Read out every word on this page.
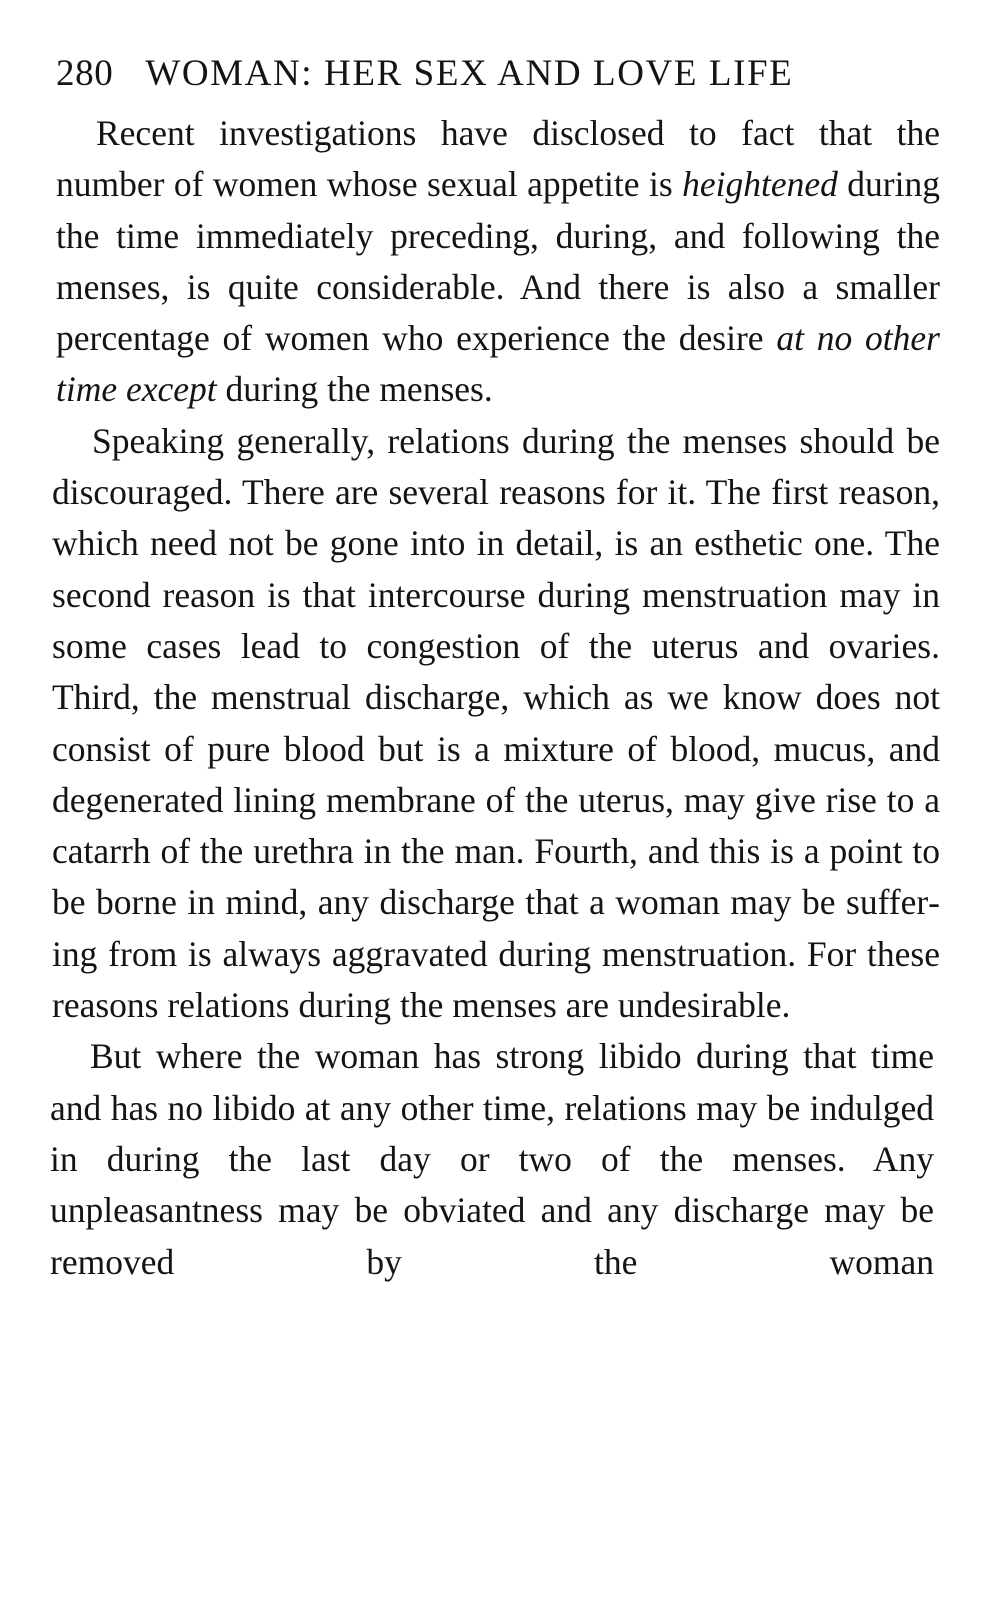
280 WOMAN: HER SEX AND LOVE LIFE

Recent investigations have disclosed to fact that the number of women whose sexual appetite is heightened during the time immediately preceding, during, and following the menses, is quite considerable. And there is also a smaller percentage of women who experience the desire at no other time except during the menses.

Speaking generally, relations during the menses should be discouraged. There are several reasons for it. The first reason, which need not be gone into in detail, is an esthetic one. The second reason is that intercourse during menstruation may in some cases lead to congestion of the uterus and ovaries. Third, the menstrual discharge, which as we know does not consist of pure blood but is a mixture of blood, mucus, and degenerated lining membrane of the uterus, may give rise to a catarrh of the urethra in the man. Fourth, and this is a point to be borne in mind, any discharge that a woman may be suffering from is always aggravated during menstruation. For these reasons relations during the menses are undesirable.

But where the woman has strong libido during that time and has no libido at any other time, relations may be indulged in during the last day or two of the menses. Any unpleasantness may be obviated and any discharge may be removed by the woman
